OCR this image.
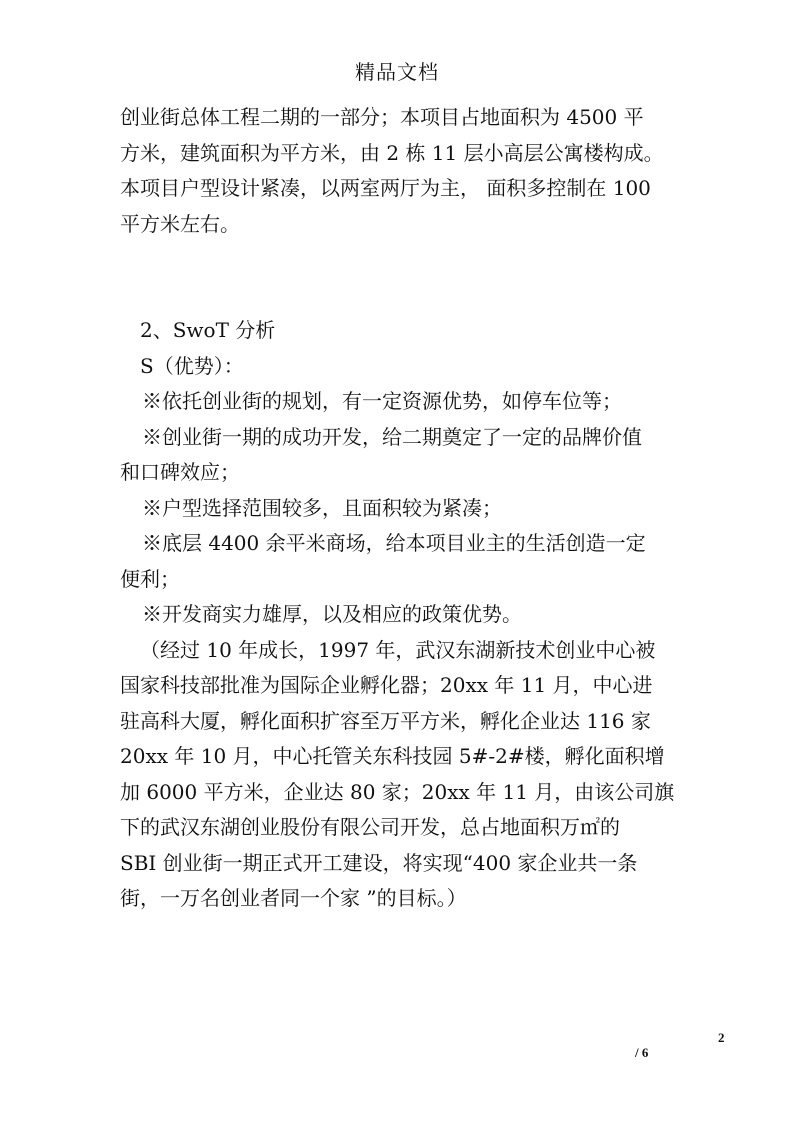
精品文档
创业街总体工程二期的一部分；本项目占地面积为 4500 平
方米，建筑面积为平方米，由 2 栋 11 层小高层公寓楼构成。
本项目户型设计紧凑，以两室两厅为主， 面积多控制在 100
平方米左右。
2、SwoT 分析
S（优势）：
※依托创业街的规划，有一定资源优势，如停车位等；
※创业街一期的成功开发，给二期奠定了一定的品牌价值
和口碑效应；
※户型选择范围较多，且面积较为紧凑；
※底层 4400 余平米商场，给本项目业主的生活创造一定
便利；
※开发商实力雄厚，以及相应的政策优势。
（经过 10 年成长，1997 年，武汉东湖新技术创业中心被
国家科技部批准为国际企业孵化器；20xx 年 11 月，中心进
驻高科大厦，孵化面积扩容至万平方米，孵化企业达 116 家
20xx 年 10 月，中心托管关东科技园 5#-2#楼，孵化面积增
加 6000 平方米，企业达 80 家；20xx 年 11 月，由该公司旗
下的武汉东湖创业股份有限公司开发，总占地面积万㎡的
SBI 创业街一期正式开工建设，将实现“400 家企业共一条
街，一万名创业者同一个家 ”的目标。）
2
/ 6
